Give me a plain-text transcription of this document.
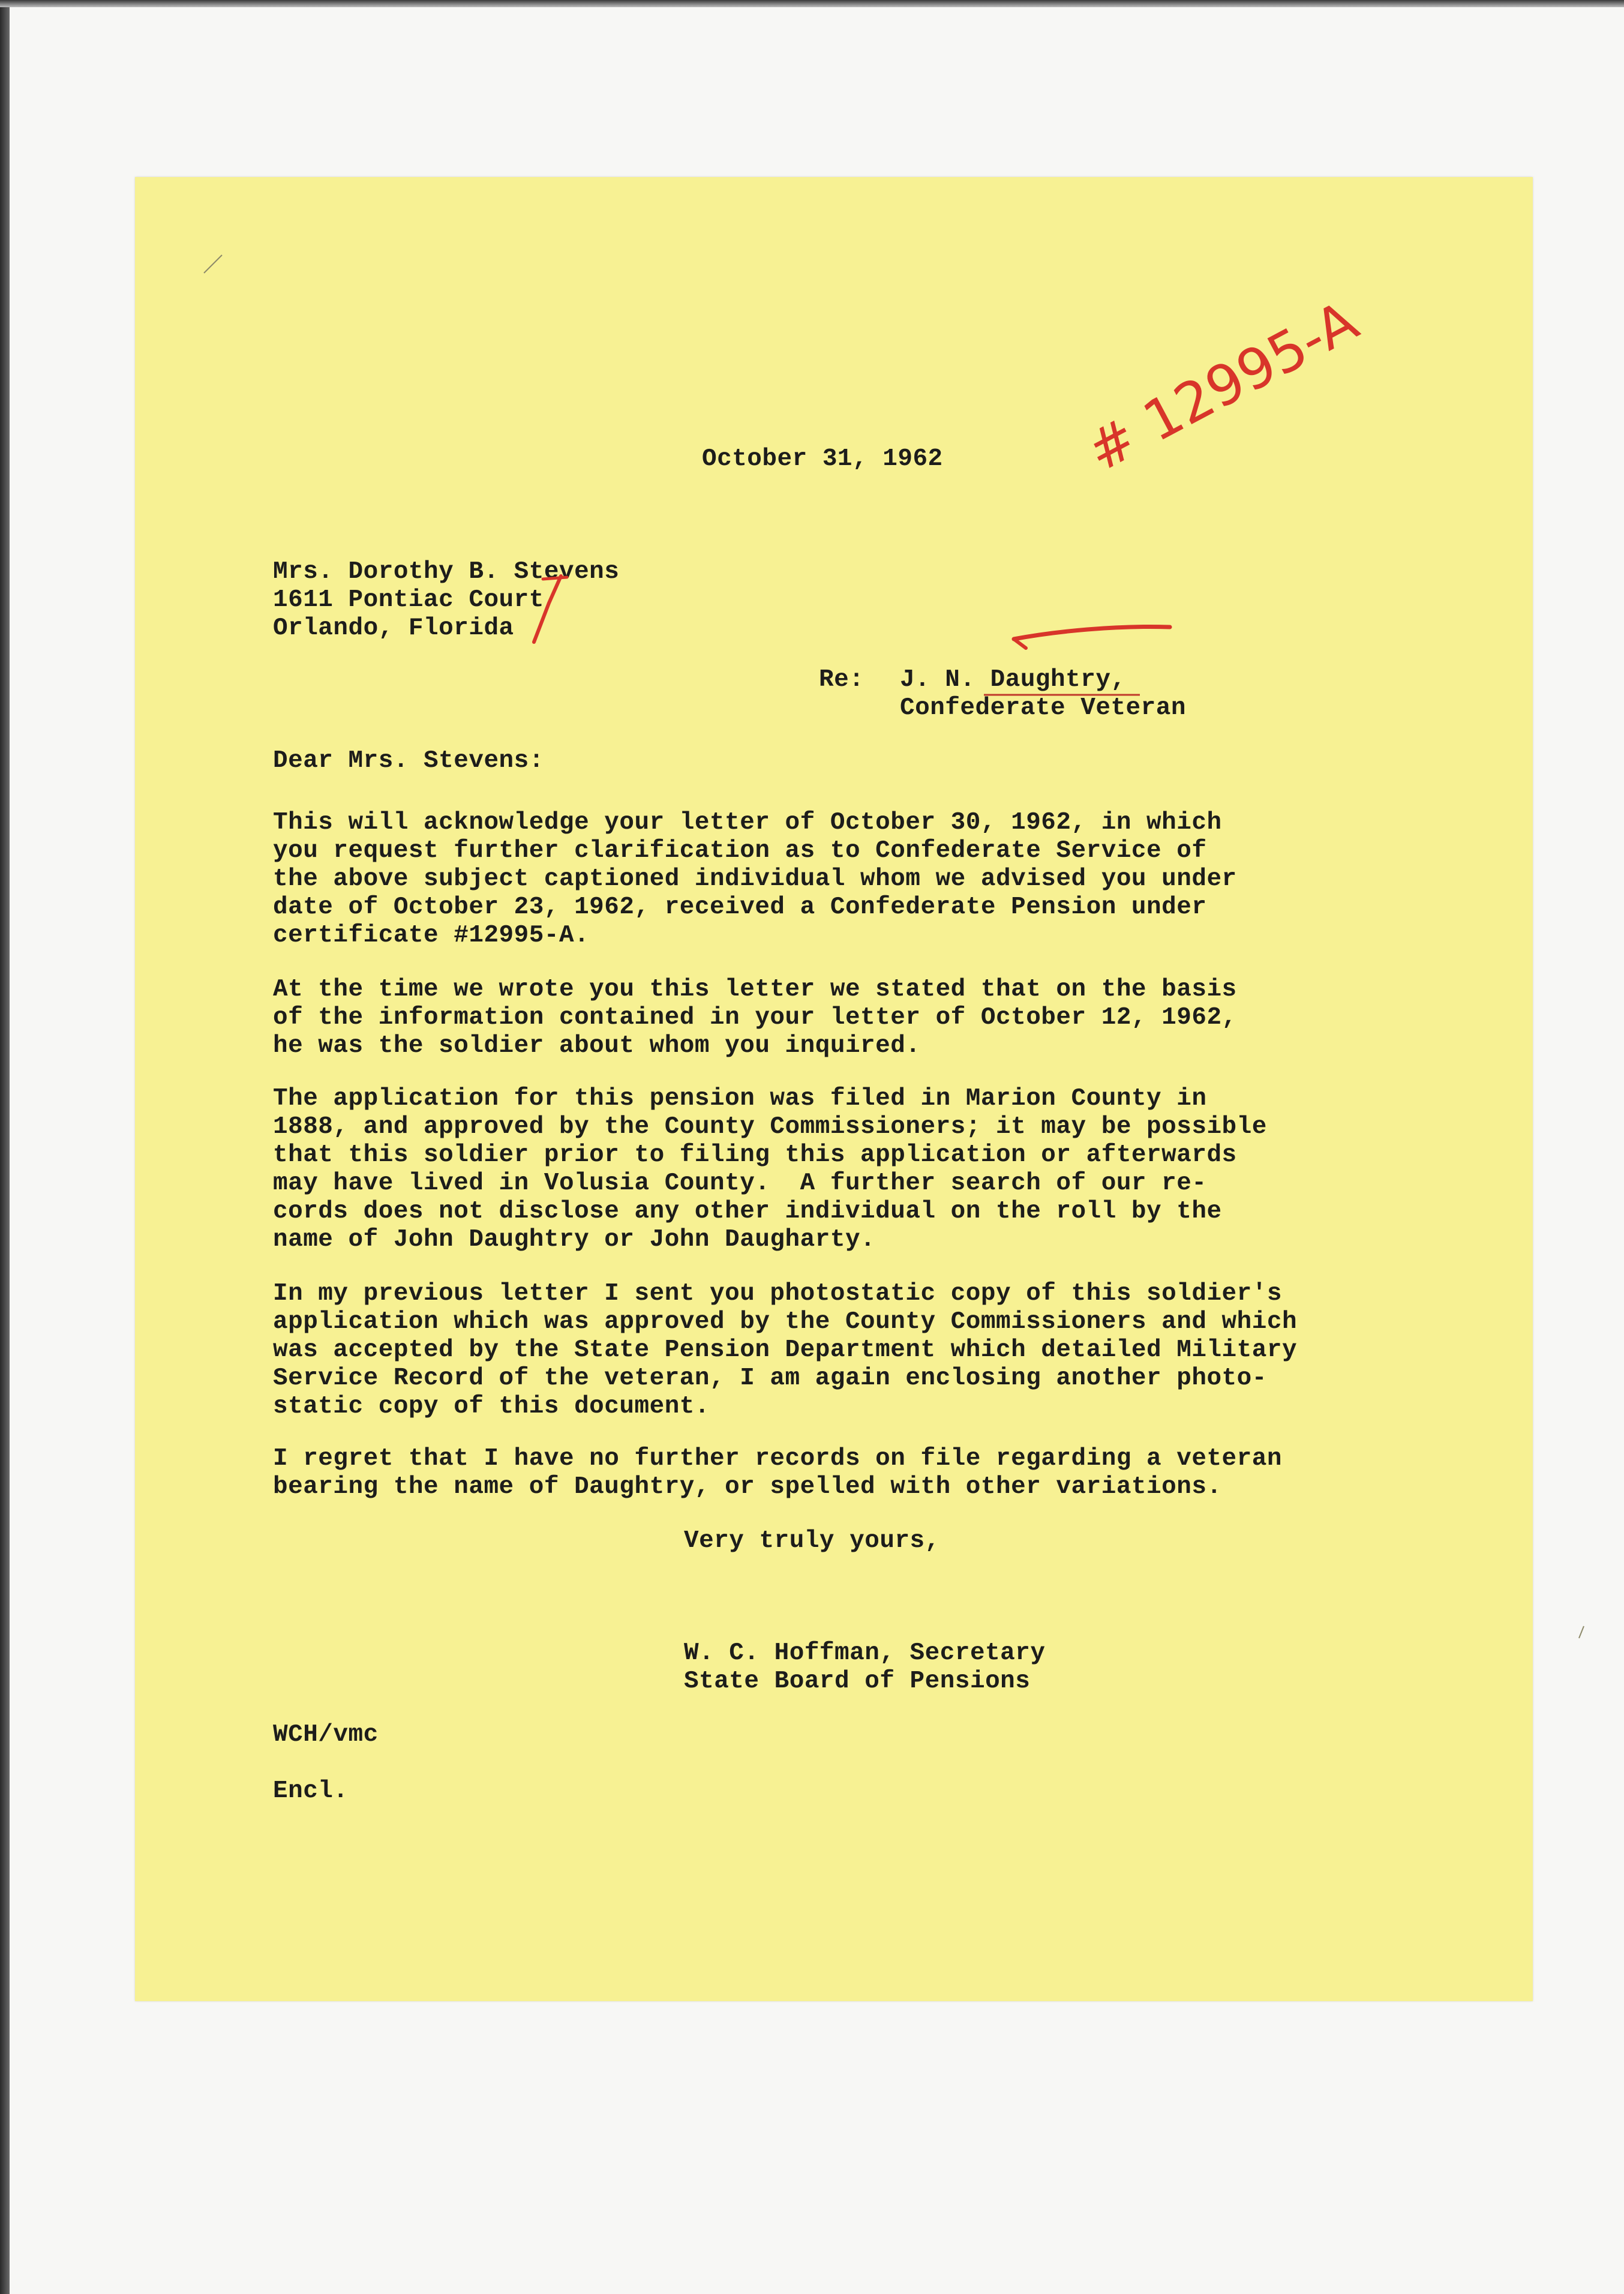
October 31, 1962
Mrs. Dorothy B. Stevens
1611 Pontiac Court
Orlando, Florida
Re: J. N. Daughtry,
Confederate Veteran
Dear Mrs. Stevens:
This will acknowledge your letter of October 30, 1962, in which
you request further clarification as to Confederate Service of
the above subject captioned individual whom we advised you under
date of October 23, 1962, received a Confederate Pension under
certificate #12995-A.
At the time we wrote you this letter we stated that on the basis
of the information contained in your letter of October 12, 1962,
he was the soldier about whom you inquired.
The application for this pension was filed in Marion County in
1888, and approved by the County Commissioners; it may be possible
that this soldier prior to filing this application or afterwards
may have lived in Volusia County.  A further search of our re-
cords does not disclose any other individual on the roll by the
name of John Daughtry or John Daugharty.
In my previous letter I sent you photostatic copy of this soldier's
application which was approved by the County Commissioners and which
was accepted by the State Pension Department which detailed Military
Service Record of the veteran, I am again enclosing another photo-
static copy of this document.
I regret that I have no further records on file regarding a veteran
bearing the name of Daughtry, or spelled with other variations.
Very truly yours,
W. C. Hoffman, Secretary
State Board of Pensions
WCH/vmc
Encl.
# 12995-A
